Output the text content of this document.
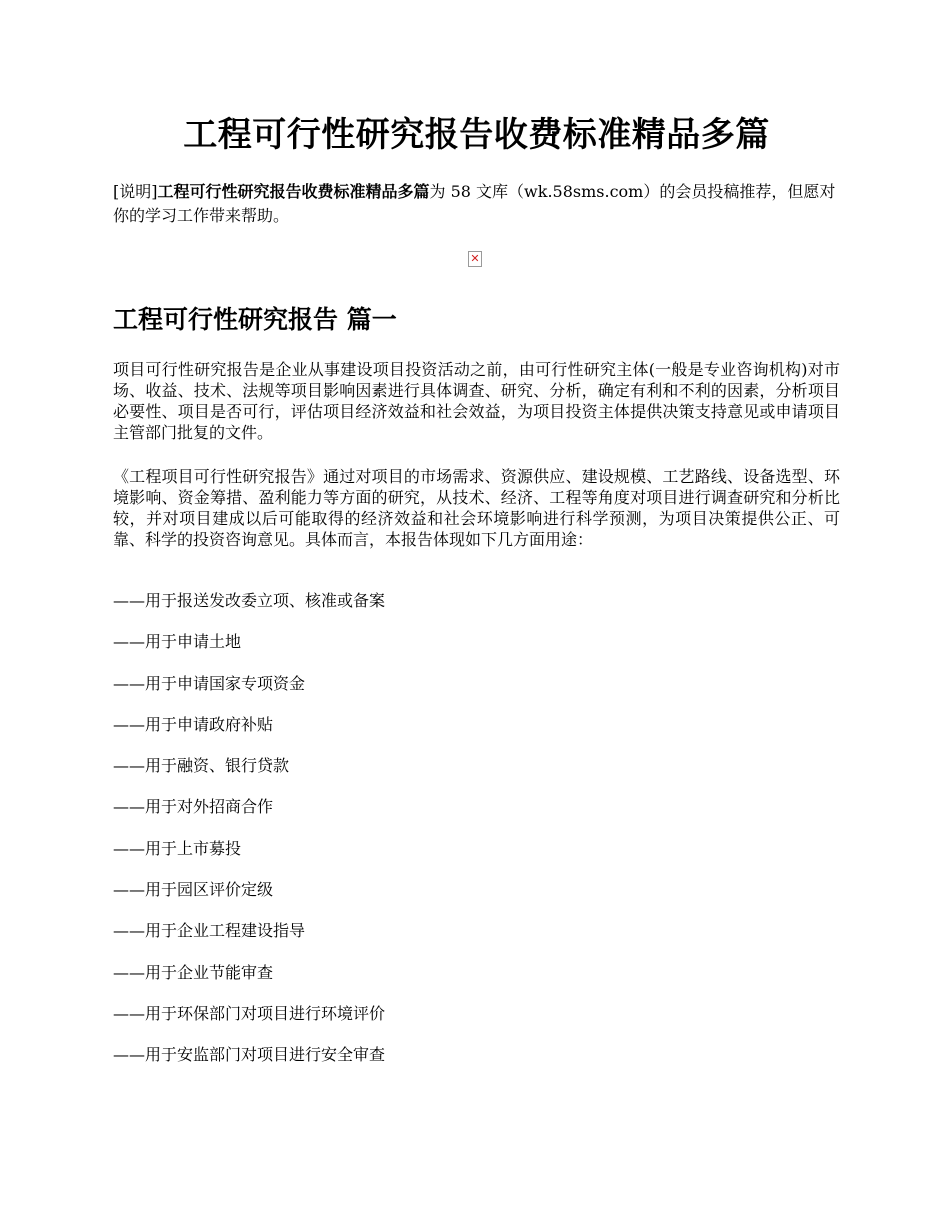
工程可行性研究报告收费标准精品多篇

[说明]工程可行性研究报告收费标准精品多篇为 58 文库（wk.58sms.com）的会员投稿推荐，但愿对你的学习工作带来帮助。

✕
工程可行性研究报告 篇一

项目可行性研究报告是企业从事建设项目投资活动之前，由可行性研究主体(一般是专业咨询机构)对市场、收益、技术、法规等项目影响因素进行具体调查、研究、分析，确定有利和不利的因素，分析项目必要性、项目是否可行，评估项目经济效益和社会效益，为项目投资主体提供决策支持意见或申请项目主管部门批复的文件。

《工程项目可行性研究报告》通过对项目的市场需求、资源供应、建设规模、工艺路线、设备选型、环境影响、资金筹措、盈利能力等方面的研究，从技术、经济、工程等角度对项目进行调查研究和分析比较，并对项目建成以后可能取得的经济效益和社会环境影响进行科学预测，为项目决策提供公正、可靠、科学的投资咨询意见。具体而言，本报告体现如下几方面用途：

——用于报送发改委立项、核准或备案
——用于申请土地
——用于申请国家专项资金
——用于申请政府补贴
——用于融资、银行贷款
——用于对外招商合作
——用于上市募投
——用于园区评价定级
——用于企业工程建设指导
——用于企业节能审查
——用于环保部门对项目进行环境评价
——用于安监部门对项目进行安全审查
